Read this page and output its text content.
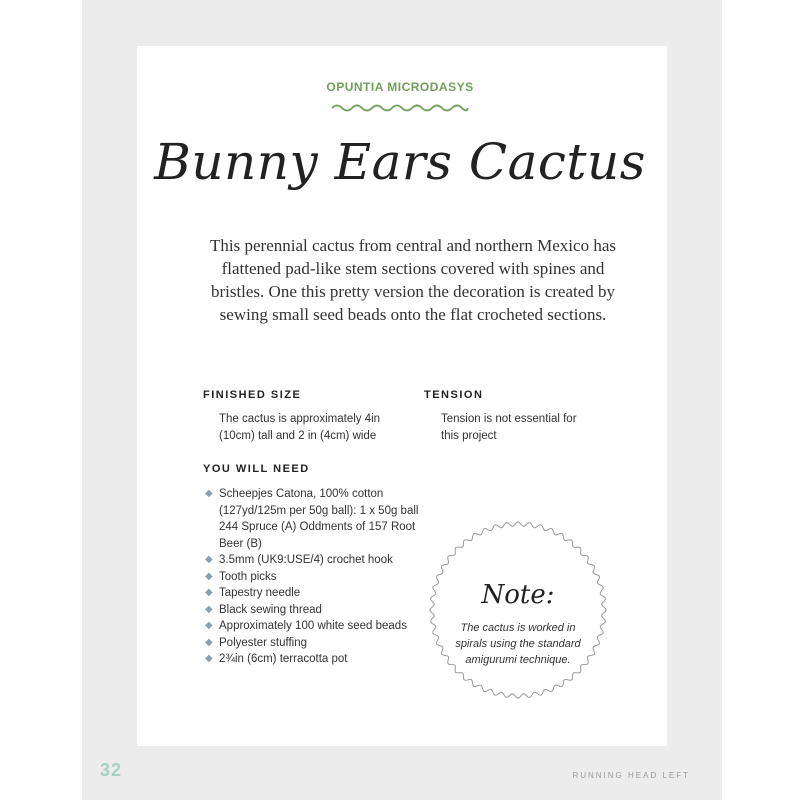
OPUNTIA MICRODASYS
Bunny Ears Cactus
This perennial cactus from central and northern Mexico has flattened pad-like stem sections covered with spines and bristles. One this pretty version the decoration is created by sewing small seed beads onto the flat crocheted sections.
FINISHED SIZE
The cactus is approximately 4in (10cm) tall and 2 in (4cm) wide
TENSION
Tension is not essential for this project
YOU WILL NEED
◆ Scheepjes Catona, 100% cotton (127yd/125m per 50g ball): 1 x 50g ball 244 Spruce (A) Oddments of 157 Root Beer (B)
◆ 3.5mm (UK9:USE/4) crochet hook
◆ Tooth picks
◆ Tapestry needle
◆ Black sewing thread
◆ Approximately 100 white seed beads
◆ Polyester stuffing
◆ 2¾in (6cm) terracotta pot
Note:
The cactus is worked in spirals using the standard amigurumi technique.
32	RUNNING HEAD LEFT
